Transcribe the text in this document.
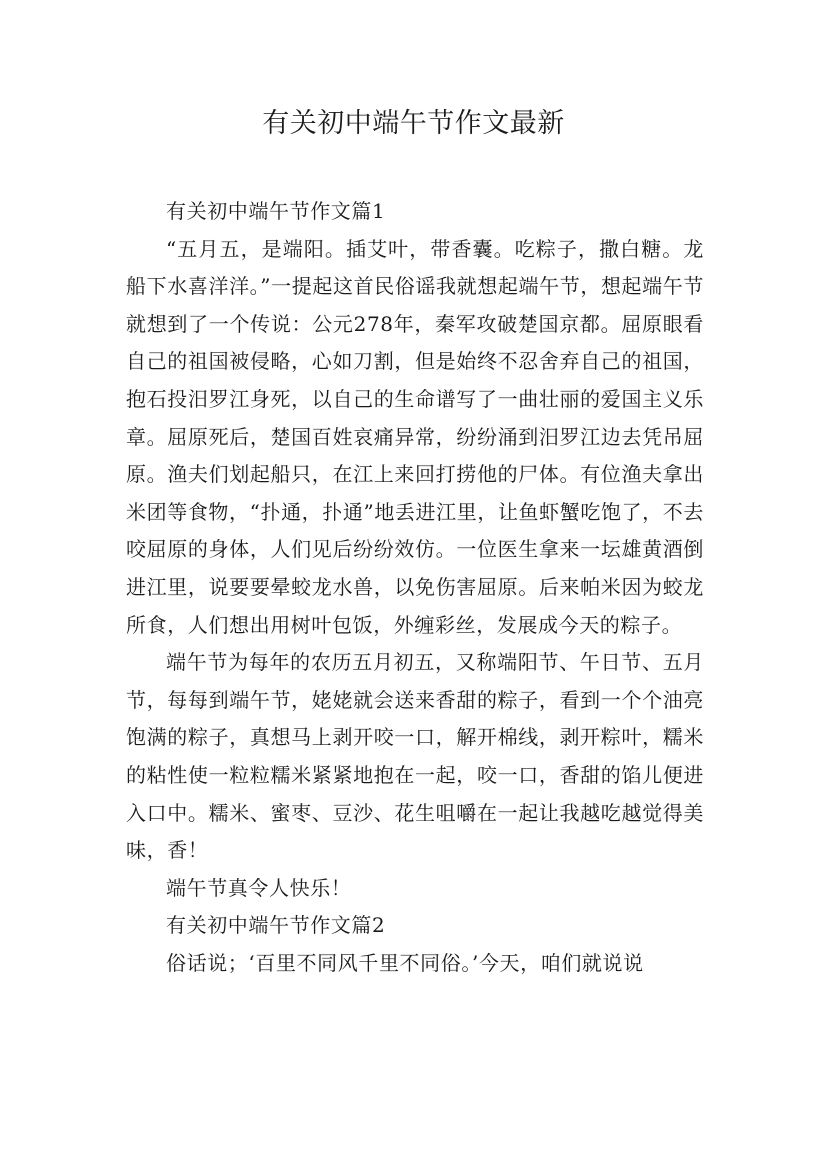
有关初中端午节作文最新

有关初中端午节作文篇1

“五月五，是端阳。插艾叶，带香囊。吃粽子，撒白糖。龙船下水喜洋洋。”一提起这首民俗谣我就想起端午节，想起端午节就想到了一个传说：公元278年，秦军攻破楚国京都。屈原眼看自己的祖国被侵略，心如刀割，但是始终不忍舍弃自己的祖国，抱石投汨罗江身死，以自己的生命谱写了一曲壮丽的爱国主义乐章。屈原死后，楚国百姓哀痛异常，纷纷涌到汨罗江边去凭吊屈原。渔夫们划起船只，在江上来回打捞他的尸体。有位渔夫拿出米团等食物，“扑通，扑通”地丢进江里，让鱼虾蟹吃饱了，不去咬屈原的身体，人们见后纷纷效仿。一位医生拿来一坛雄黄酒倒进江里，说要要晕蛟龙水兽，以免伤害屈原。后来帕米因为蛟龙所食，人们想出用树叶包饭，外缠彩丝，发展成今天的粽子。

端午节为每年的农历五月初五，又称端阳节、午日节、五月节，每每到端午节，姥姥就会送来香甜的粽子，看到一个个油亮饱满的粽子，真想马上剥开咬一口，解开棉线，剥开粽叶，糯米的粘性使一粒粒糯米紧紧地抱在一起，咬一口，香甜的馅儿便进入口中。糯米、蜜枣、豆沙、花生咀嚼在一起让我越吃越觉得美味，香！

端午节真令人快乐！

有关初中端午节作文篇2

俗话说；‘百里不同风千里不同俗。’今天，咱们就说说
